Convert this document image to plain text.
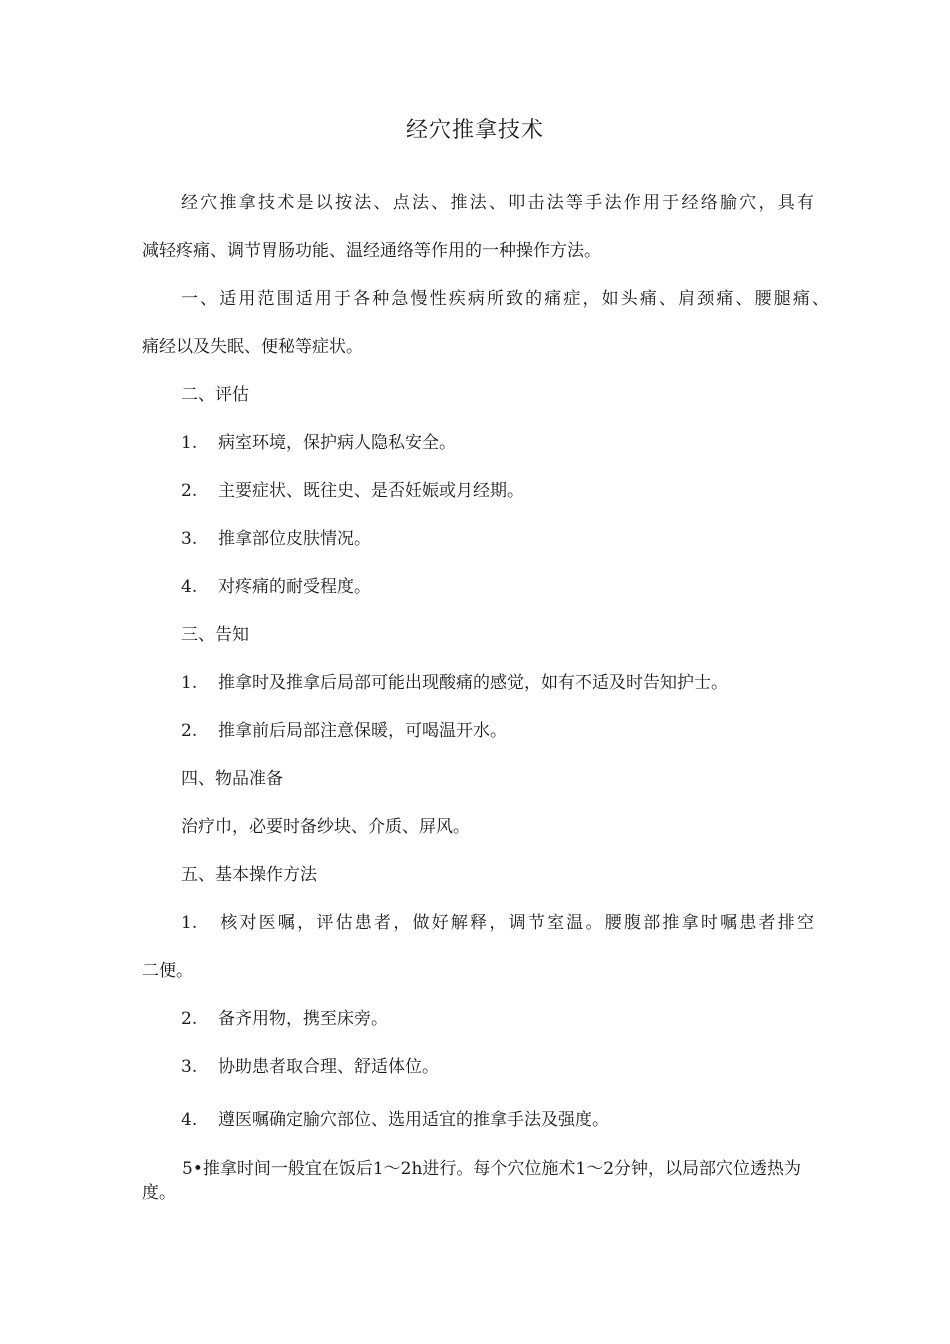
经穴推拿技术
经穴推拿技术是以按法、点法、推法、叩击法等手法作用于经络腧穴，具有
减轻疼痛、调节胃肠功能、温经通络等作用的一种操作方法。
一、适用范围适用于各种急慢性疾病所致的痛症，如头痛、肩颈痛、腰腿痛、
痛经以及失眠、便秘等症状。
二、评估
1. 病室环境，保护病人隐私安全。
2. 主要症状、既往史、是否妊娠或月经期。
3. 推拿部位皮肤情况。
4. 对疼痛的耐受程度。
三、告知
1. 推拿时及推拿后局部可能出现酸痛的感觉，如有不适及时告知护士。
2. 推拿前后局部注意保暖，可喝温开水。
四、物品准备
治疗巾，必要时备纱块、介质、屏风。
五、基本操作方法
1. 核对医嘱，评估患者，做好解释，调节室温。腰腹部推拿时嘱患者排空
二便。
2. 备齐用物，携至床旁。
3. 协助患者取合理、舒适体位。
4. 遵医嘱确定腧穴部位、选用适宜的推拿手法及强度。
5•推拿时间一般宜在饭后1〜2h进行。每个穴位施术1〜2分钟，以局部穴位透热为度。
